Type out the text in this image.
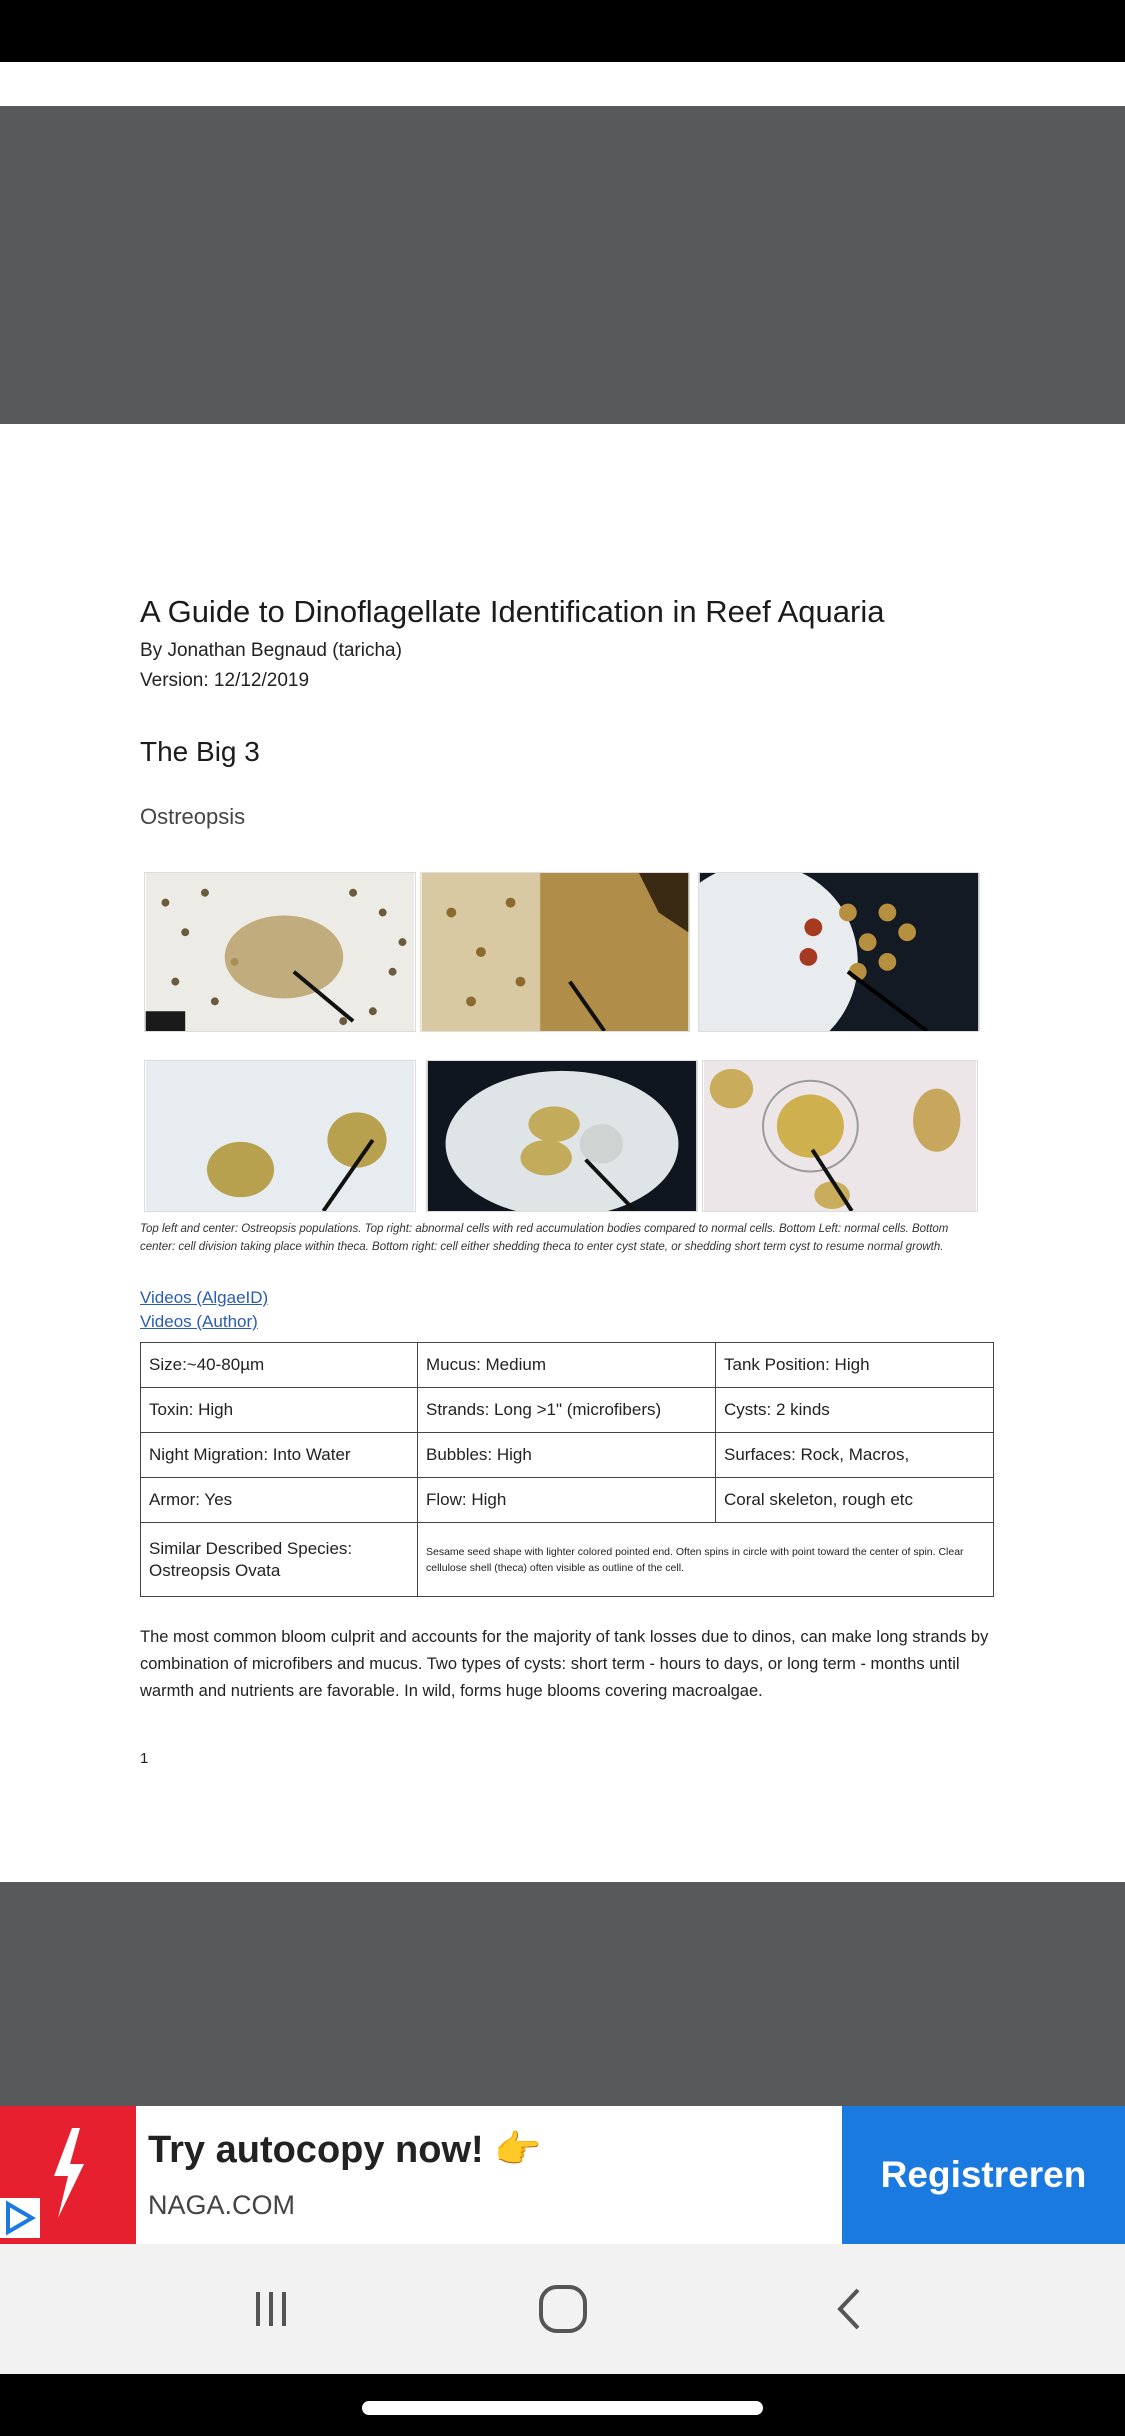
A Guide to Dinoflagellate Identification in Reef Aquaria
By Jonathan Begnaud (taricha)
Version: 12/12/2019
The Big 3
Ostreopsis
Top left and center: Ostreopsis populations. Top right: abnormal cells with red accumulation bodies compared to normal cells. Bottom Left: normal cells. Bottom center: cell division taking place within theca. Bottom right: cell either shedding theca to enter cyst state, or shedding short term cyst to resume normal growth.
Videos (AlgaeID)
Videos (Author)
Size:~40-80µm	Mucus: Medium	Tank Position: High
Toxin: High	Strands: Long >1" (microfibers)	Cysts: 2 kinds
Night Migration: Into Water	Bubbles: High	Surfaces: Rock, Macros,
Armor: Yes	Flow: High	Coral skeleton, rough etc
Similar Described Species: Ostreopsis Ovata	Sesame seed shape with lighter colored pointed end. Often spins in circle with point toward the center of spin. Clear cellulose shell (theca) often visible as outline of the cell.	
The most common bloom culprit and accounts for the majority of tank losses due to dinos, can make long strands by combination of microfibers and mucus. Two types of cysts: short term - hours to days, or long term - months until warmth and nutrients are favorable. In wild, forms huge blooms covering macroalgae.
1
Try autocopy now! 👉
NAGA.COM
Registreren
